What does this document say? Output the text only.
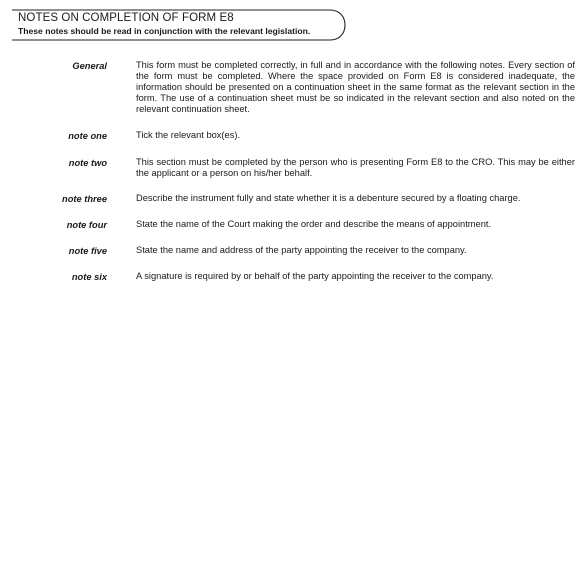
NOTES ON COMPLETION OF FORM E8
These notes should be read in conjunction with the relevant legislation.
General	This form must be completed correctly, in full and in accordance with the following notes. Every section of the form must be completed. Where the space provided on Form E8 is considered inadequate, the information should be presented on a continuation sheet in the same format as the relevant section in the form. The use of a continuation sheet must be so indicated in the relevant section and also noted on the relevant continuation sheet.
note one	Tick the relevant box(es).
note two	This section must be completed by the person who is presenting Form E8 to the CRO. This may be either the applicant or a person on his/her behalf.
note three	Describe the instrument fully and state whether it is a debenture secured by a floating charge.
note four	State the name of the Court making the order and describe the means of appointment.
note five	State the name and address of the party appointing the receiver to the company.
note six	A signature is required by or behalf of the party appointing the receiver to the company.
